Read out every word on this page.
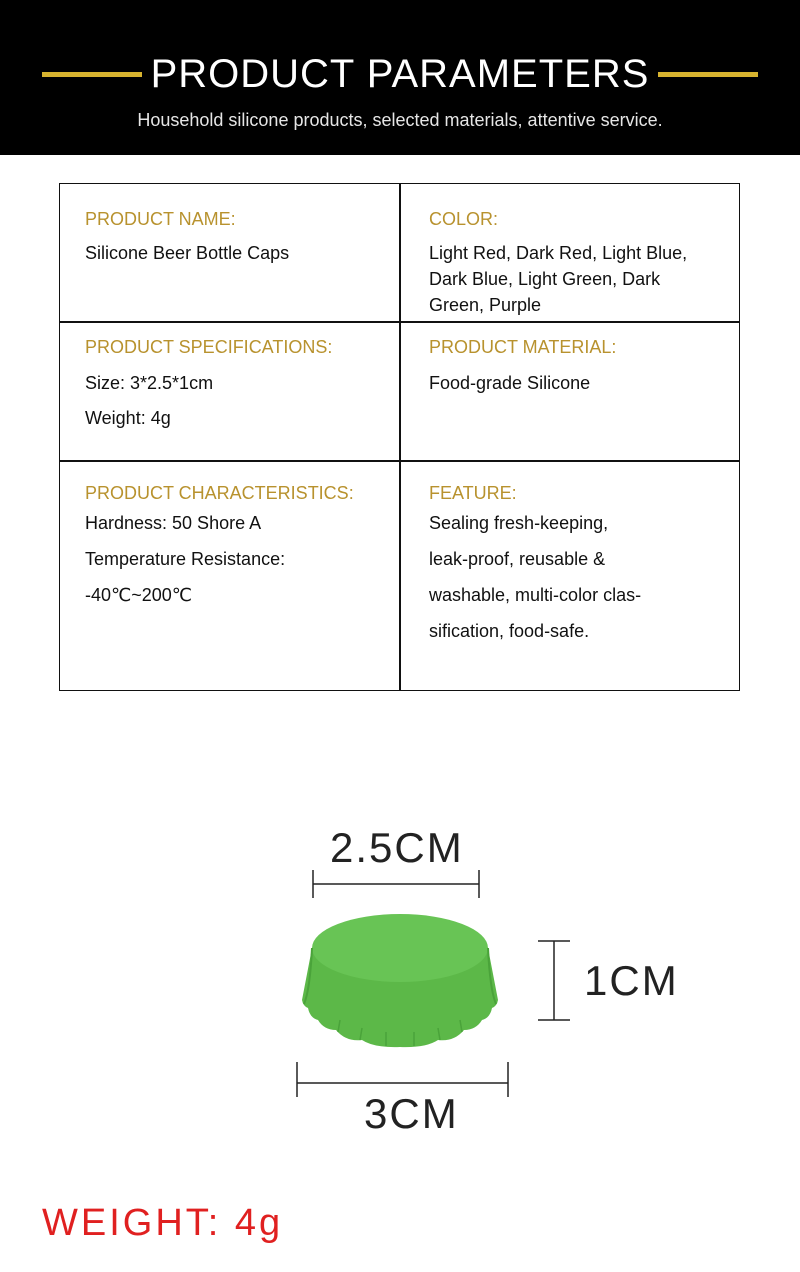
PRODUCT PARAMETERS
Household silicone products, selected materials, attentive service.
PRODUCT NAME:
Silicone Beer Bottle Caps
COLOR:
Light Red, Dark Red, Light Blue, Dark Blue, Light Green, Dark Green, Purple
PRODUCT SPECIFICATIONS:
Size: 3*2.5*1cm
Weight: 4g
PRODUCT MATERIAL:
Food-grade Silicone
PRODUCT CHARACTERISTICS:
Hardness: 50 Shore A
Temperature Resistance:
-40℃~200℃
FEATURE:
Sealing fresh-keeping,
leak-proof, reusable &
washable, multi-color clas-
sification, food-safe.
2.5CM
1CM
3CM
WEIGHT: 4g
